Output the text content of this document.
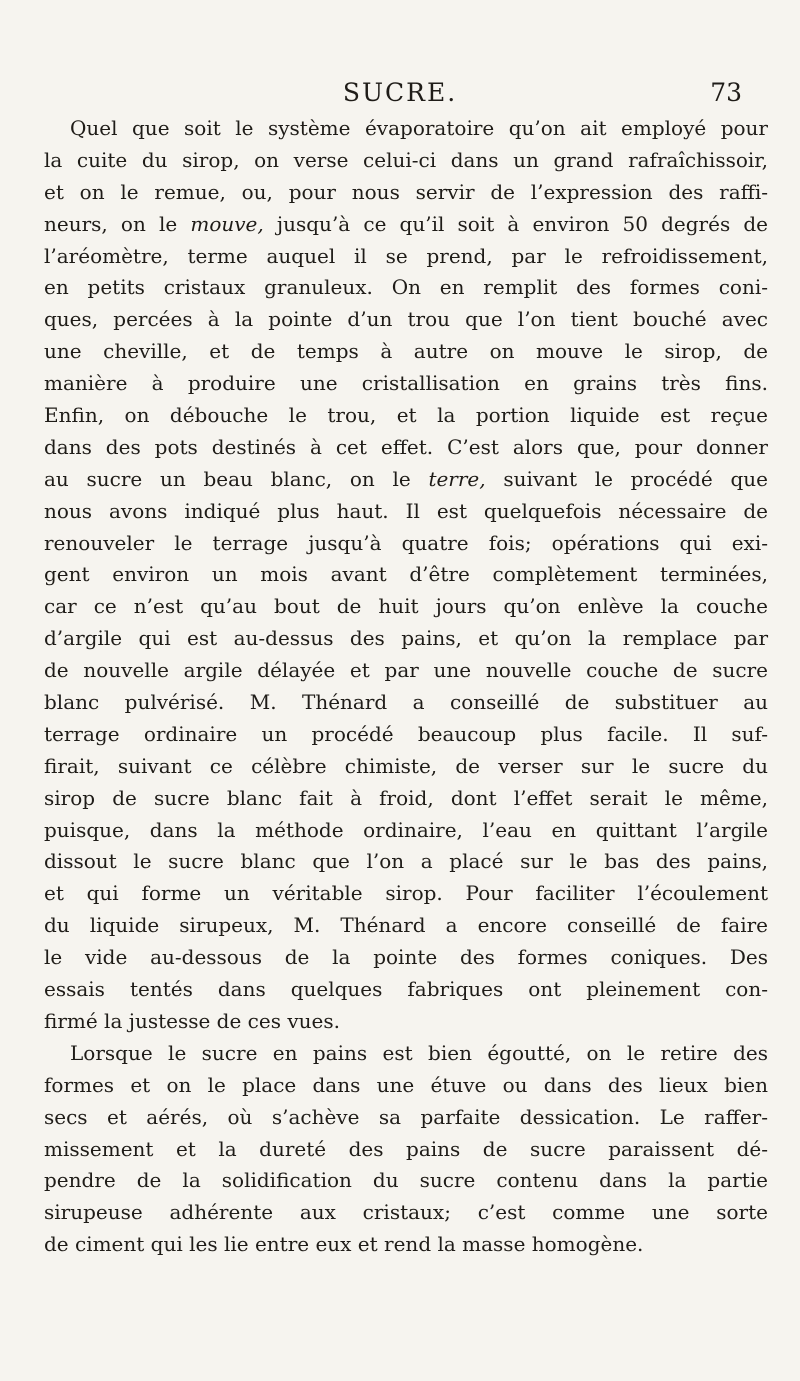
SUCRE.	73
Quel que soit le système évaporatoire qu’on ait employé pour
la cuite du sirop, on verse celui-ci dans un grand rafraîchissoir,
et on le remue, ou, pour nous servir de l’expression des raffi-
neurs, on le mouve, jusqu’à ce qu’il soit à environ 50 degrés de
l’aréomètre, terme auquel il se prend, par le refroidissement,
en petits cristaux granuleux. On en remplit des formes coni-
ques, percées à la pointe d’un trou que l’on tient bouché avec
une cheville, et de temps à autre on mouve le sirop, de
manière à produire une cristallisation en grains très fins.
Enfin, on débouche le trou, et la portion liquide est reçue
dans des pots destinés à cet effet. C’est alors que, pour donner
au sucre un beau blanc, on le terre, suivant le procédé que
nous avons indiqué plus haut. Il est quelquefois nécessaire de
renouveler le terrage jusqu’à quatre fois; opérations qui exi-
gent environ un mois avant d’être complètement terminées,
car ce n’est qu’au bout de huit jours qu’on enlève la couche
d’argile qui est au-dessus des pains, et qu’on la remplace par
de nouvelle argile délayée et par une nouvelle couche de sucre
blanc pulvérisé. M. Thénard a conseillé de substituer au
terrage ordinaire un procédé beaucoup plus facile. Il suf-
firait, suivant ce célèbre chimiste, de verser sur le sucre du
sirop de sucre blanc fait à froid, dont l’effet serait le même,
puisque, dans la méthode ordinaire, l’eau en quittant l’argile
dissout le sucre blanc que l’on a placé sur le bas des pains,
et qui forme un véritable sirop. Pour faciliter l’écoulement
du liquide sirupeux, M. Thénard a encore conseillé de faire
le vide au-dessous de la pointe des formes coniques. Des
essais tentés dans quelques fabriques ont pleinement con-
firmé la justesse de ces vues.
Lorsque le sucre en pains est bien égoutté, on le retire des
formes et on le place dans une étuve ou dans des lieux bien
secs et aérés, où s’achève sa parfaite dessication. Le raffer-
missement et la dureté des pains de sucre paraissent dé-
pendre de la solidification du sucre contenu dans la partie
sirupeuse adhérente aux cristaux; c’est comme une sorte
de ciment qui les lie entre eux et rend la masse homogène.
